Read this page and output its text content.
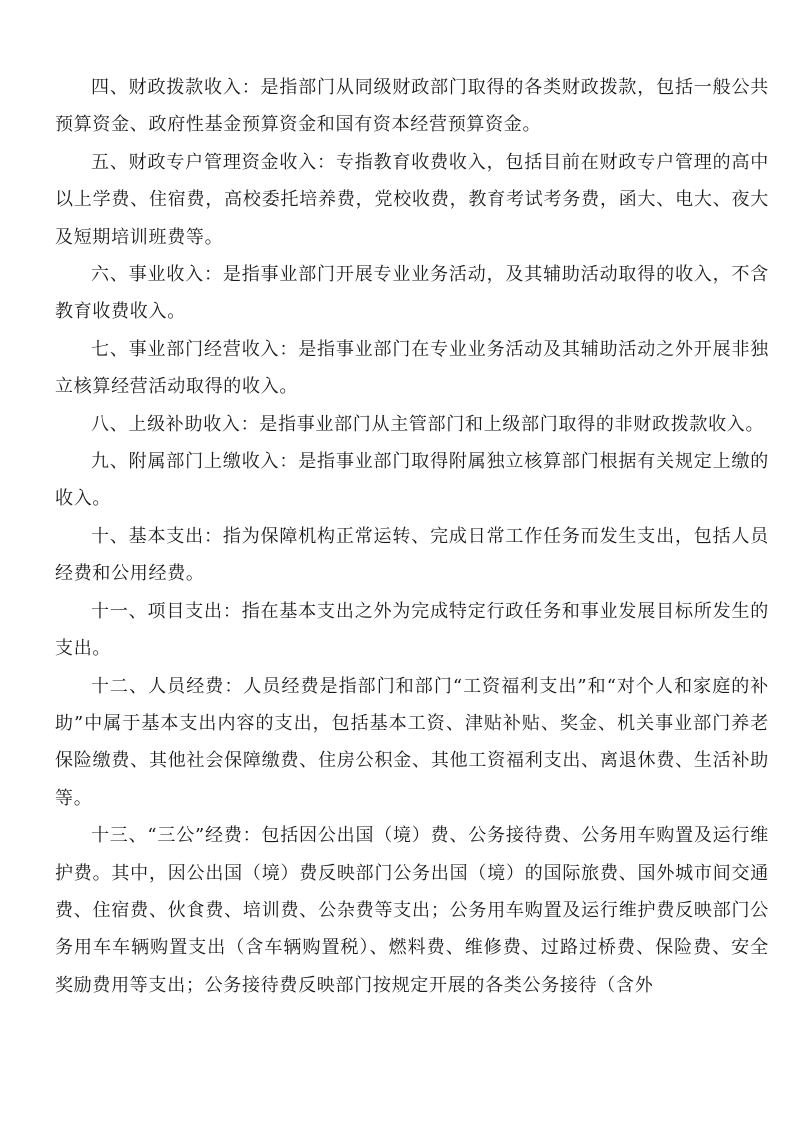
四、财政拨款收入：是指部门从同级财政部门取得的各类财政拨款，包括一般公共预算资金、政府性基金预算资金和国有资本经营预算资金。

五、财政专户管理资金收入：专指教育收费收入，包括目前在财政专户管理的高中以上学费、住宿费，高校委托培养费，党校收费，教育考试考务费，函大、电大、夜大及短期培训班费等。

六、事业收入：是指事业部门开展专业业务活动，及其辅助活动取得的收入，不含教育收费收入。

七、事业部门经营收入：是指事业部门在专业业务活动及其辅助活动之外开展非独立核算经营活动取得的收入。

八、上级补助收入：是指事业部门从主管部门和上级部门取得的非财政拨款收入。

九、附属部门上缴收入：是指事业部门取得附属独立核算部门根据有关规定上缴的收入。

十、基本支出：指为保障机构正常运转、完成日常工作任务而发生支出，包括人员经费和公用经费。

十一、项目支出：指在基本支出之外为完成特定行政任务和事业发展目标所发生的支出。

十二、人员经费：人员经费是指部门和部门“工资福利支出”和“对个人和家庭的补助”中属于基本支出内容的支出，包括基本工资、津贴补贴、奖金、机关事业部门养老保险缴费、其他社会保障缴费、住房公积金、其他工资福利支出、离退休费、生活补助等。

十三、“三公”经费：包括因公出国（境）费、公务接待费、公务用车购置及运行维护费。其中，因公出国（境）费反映部门公务出国（境）的国际旅费、国外城市间交通费、住宿费、伙食费、培训费、公杂费等支出；公务用车购置及运行维护费反映部门公务用车车辆购置支出（含车辆购置税）、燃料费、维修费、过路过桥费、保险费、安全奖励费用等支出；公务接待费反映部门按规定开展的各类公务接待（含外
